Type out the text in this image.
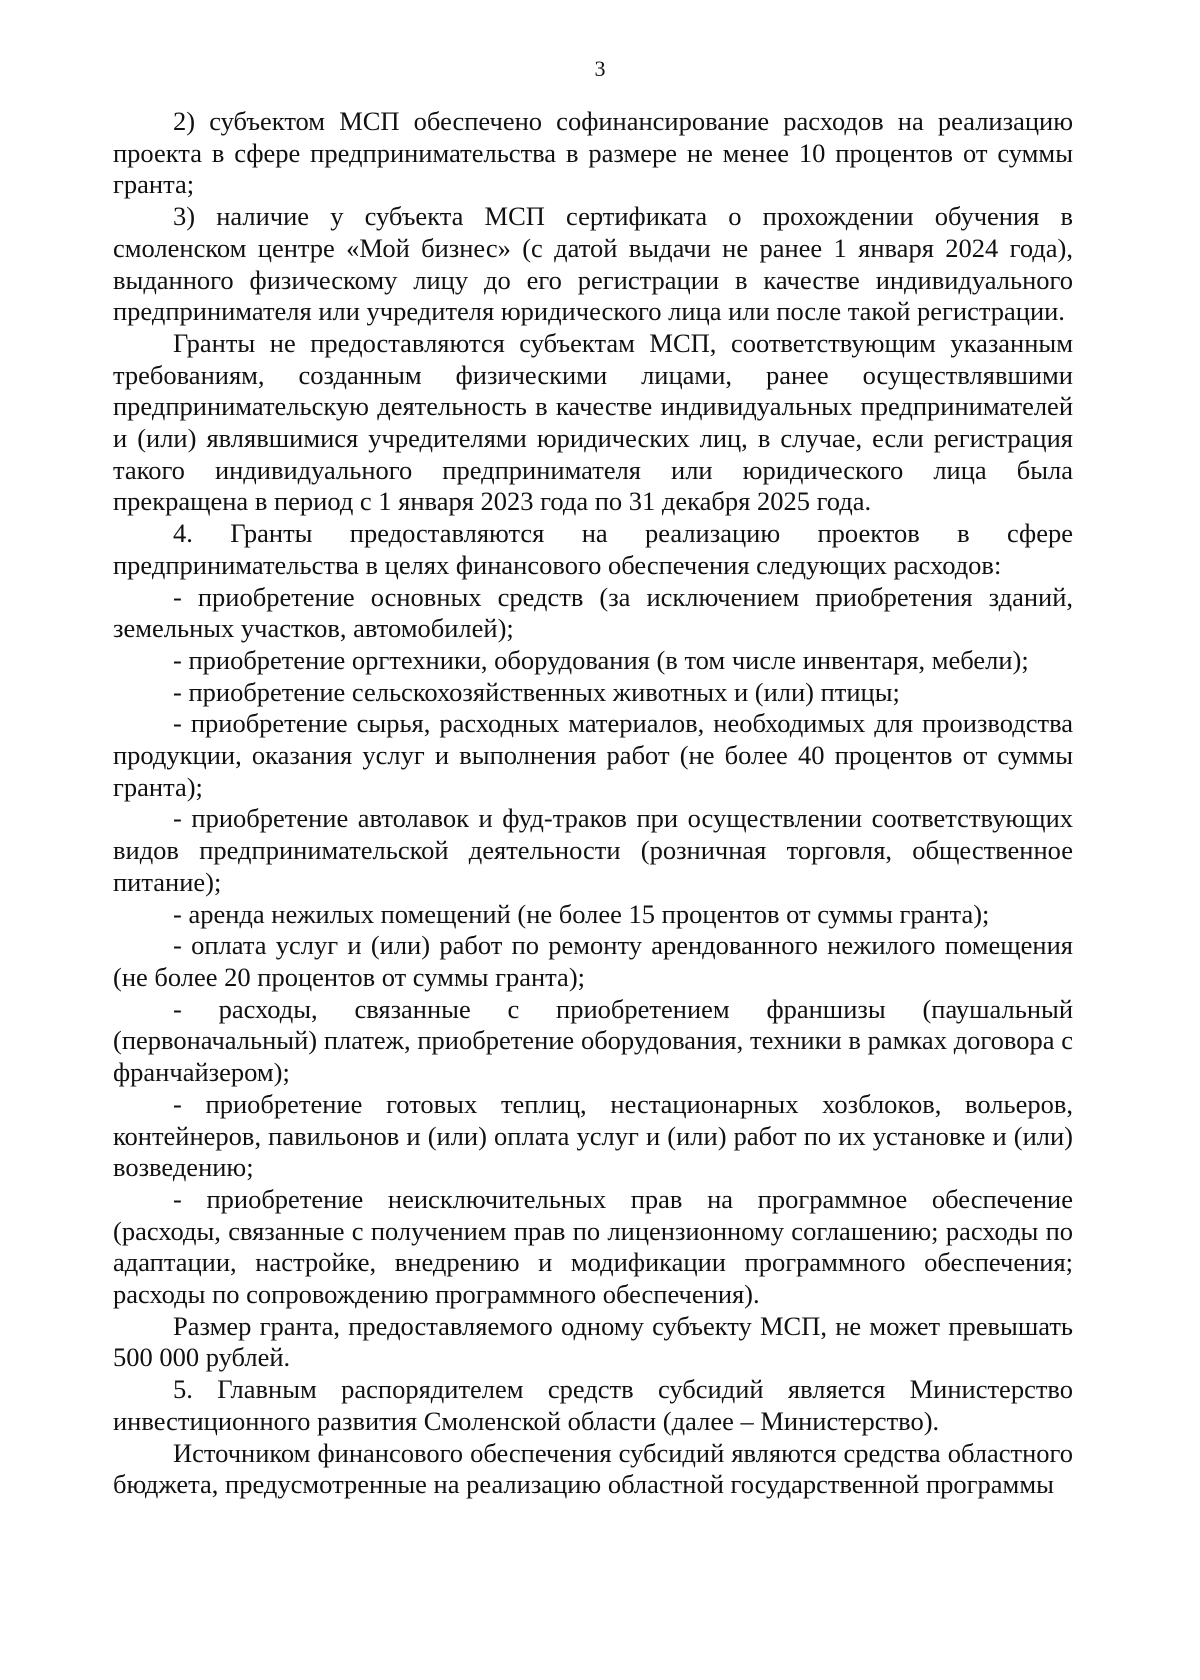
3

2) субъектом МСП обеспечено софинансирование расходов на реализацию проекта в сфере предпринимательства в размере не менее 10 процентов от суммы гранта;

3) наличие у субъекта МСП сертификата о прохождении обучения в смоленском центре «Мой бизнес» (с датой выдачи не ранее 1 января 2024 года), выданного физическому лицу до его регистрации в качестве индивидуального предпринимателя или учредителя юридического лица или после такой регистрации.

Гранты не предоставляются субъектам МСП, соответствующим указанным требованиям, созданным физическими лицами, ранее осуществлявшими предпринимательскую деятельность в качестве индивидуальных предпринимателей и (или) являвшимися учредителями юридических лиц, в случае, если регистрация такого индивидуального предпринимателя или юридического лица была прекращена в период с 1 января 2023 года по 31 декабря 2025 года.

4. Гранты предоставляются на реализацию проектов в сфере предпринимательства в целях финансового обеспечения следующих расходов:

- приобретение основных средств (за исключением приобретения зданий, земельных участков, автомобилей);

- приобретение оргтехники, оборудования (в том числе инвентаря, мебели);

- приобретение сельскохозяйственных животных и (или) птицы;

- приобретение сырья, расходных материалов, необходимых для производства продукции, оказания услуг и выполнения работ (не более 40 процентов от суммы гранта);

- приобретение автолавок и фуд-траков при осуществлении соответствующих видов предпринимательской деятельности (розничная торговля, общественное питание);

- аренда нежилых помещений (не более 15 процентов от суммы гранта);

- оплата услуг и (или) работ по ремонту арендованного нежилого помещения (не более 20 процентов от суммы гранта);

- расходы, связанные с приобретением франшизы (паушальный (первоначальный) платеж, приобретение оборудования, техники в рамках договора с франчайзером);

- приобретение готовых теплиц, нестационарных хозблоков, вольеров, контейнеров, павильонов и (или) оплата услуг и (или) работ по их установке и (или) возведению;

- приобретение неисключительных прав на программное обеспечение (расходы, связанные с получением прав по лицензионному соглашению; расходы по адаптации, настройке, внедрению и модификации программного обеспечения; расходы по сопровождению программного обеспечения).

Размер гранта, предоставляемого одному субъекту МСП, не может превышать 500 000 рублей.

5. Главным распорядителем средств субсидий является Министерство инвестиционного развития Смоленской области (далее – Министерство).

Источником финансового обеспечения субсидий являются средства областного бюджета, предусмотренные на реализацию областной государственной программы
